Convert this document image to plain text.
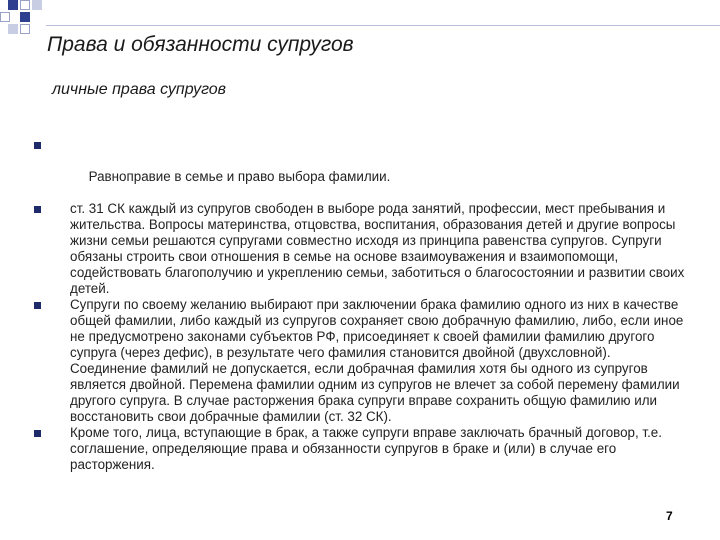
Права и обязанности супругов
личные права супругов

Равноправие в семье и право выбора фамилии.

ст. 31 СК каждый из супругов свободен в выборе рода занятий, профессии, мест пребывания и жительства. Вопросы материнства, отцовства, воспитания, образования детей и другие вопросы жизни семьи решаются супругами совместно исходя из принципа равенства супругов. Супруги обязаны строить свои отношения в семье на основе взаимоуважения и взаимопомощи, содействовать благополучию и укреплению семьи, заботиться о благосостоянии и развитии своих детей.
Супруги по своему желанию выбирают при заключении брака фамилию одного из них в качестве общей фамилии, либо каждый из супругов сохраняет свою добрачную фамилию, либо, если иное не предусмотрено законами субъектов РФ, присоединяет к своей фамилии фамилию другого супруга (через дефис), в результате чего фамилия становится двойной (двухсловной). Соединение фамилий не допускается, если добрачная фамилия хотя бы одного из супругов является двойной. Перемена фамилии одним из супругов не влечет за собой перемену фамилии другого супруга. В случае расторжения брака супруги вправе сохранить общую фамилию или восстановить свои добрачные фамилии (ст. 32 СК).
Кроме того, лица, вступающие в брак, а также супруги вправе заключать брачный договор, т.е. соглашение, определяющие права и обязанности супругов в браке и (или) в случае его расторжения.
7
